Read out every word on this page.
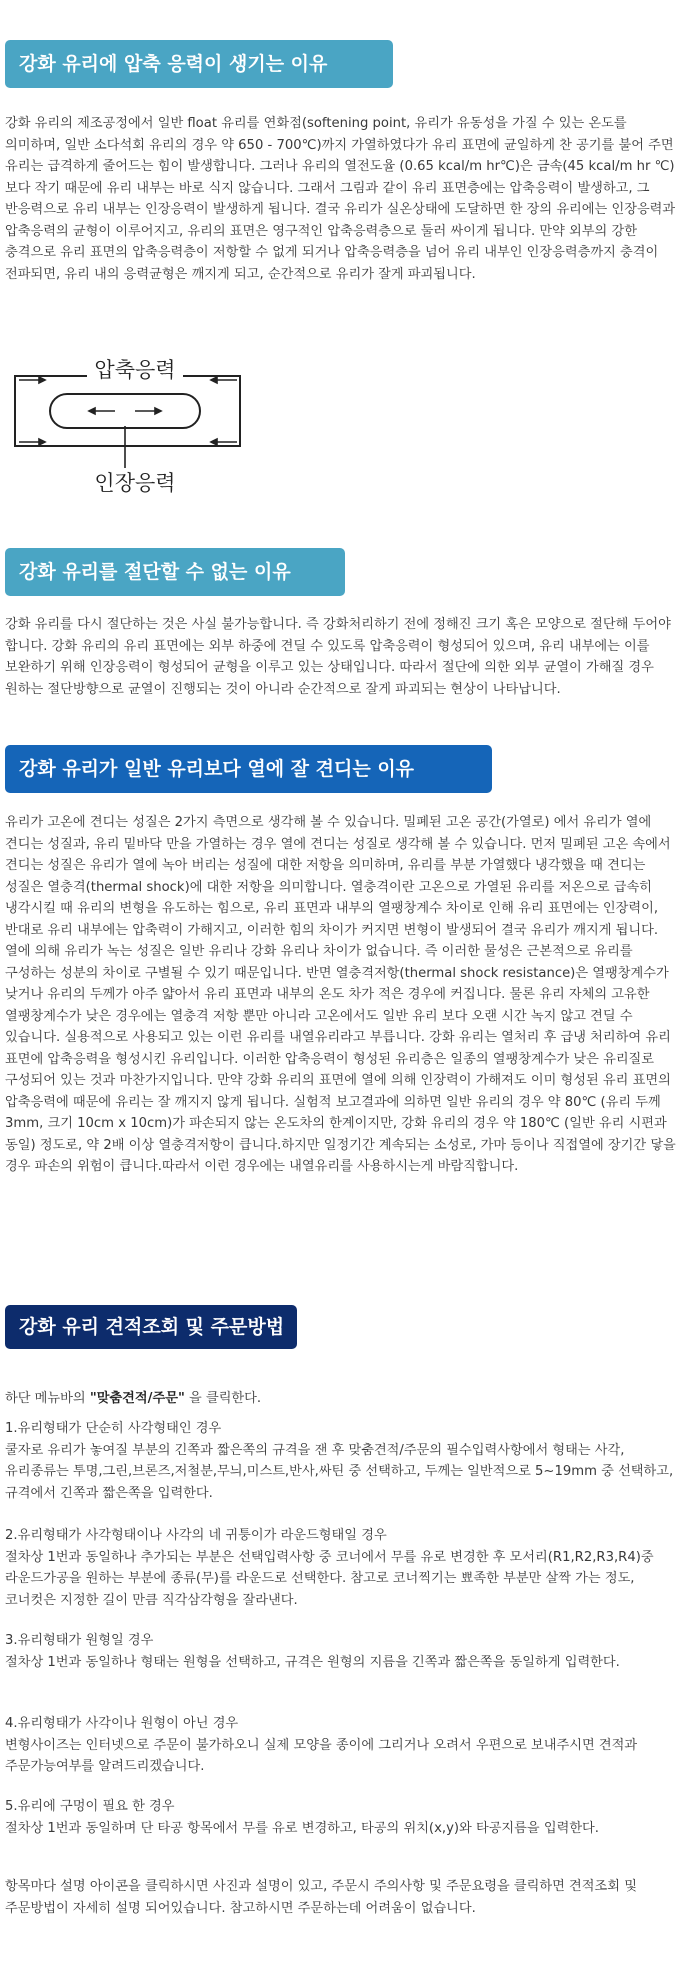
강화 유리에 압축 응력이 생기는 이유

강화 유리의 제조공정에서 일반 float 유리를 연화점(softening point, 유리가 유동성을 가질 수 있는 온도를 의미하며, 일반 소다석회 유리의 경우 약 650 - 700℃)까지 가열하였다가 유리 표면에 균일하게 찬 공기를 불어 주면 유리는 급격하게 줄어드는 힘이 발생합니다. 그러나 유리의 열전도율 (0.65 kcal/m hr℃)은 금속(45 kcal/m hr ℃) 보다 작기 때문에 유리 내부는 바로 식지 않습니다. 그래서 그림과 같이 유리 표면층에는 압축응력이 발생하고, 그 반응력으로 유리 내부는 인장응력이 발생하게 됩니다. 결국 유리가 실온상태에 도달하면 한 장의 유리에는 인장응력과 압축응력의 균형이 이루어지고, 유리의 표면은 영구적인 압축응력층으로 둘러 싸이게 됩니다. 만약 외부의 강한 충격으로 유리 표면의 압축응력층이 저항할 수 없게 되거나 압축응력층을 넘어 유리 내부인 인장응력층까지 충격이 전파되면, 유리 내의 응력균형은 깨지게 되고, 순간적으로 유리가 잘게 파괴됩니다.

압축응력
인장응력
강화 유리를 절단할 수 없는 이유

강화 유리를 다시 절단하는 것은 사실 불가능합니다. 즉 강화처리하기 전에 정해진 크기 혹은 모양으로 절단해 두어야 합니다. 강화 유리의 유리 표면에는 외부 하중에 견딜 수 있도록 압축응력이 형성되어 있으며, 유리 내부에는 이를 보완하기 위해 인장응력이 형성되어 균형을 이루고 있는 상태입니다. 따라서 절단에 의한 외부 균열이 가해질 경우 원하는 절단방향으로 균열이 진행되는 것이 아니라 순간적으로 잘게 파괴되는 현상이 나타납니다.

강화 유리가 일반 유리보다 열에 잘 견디는 이유

유리가 고온에 견디는 성질은 2가지 측면으로 생각해 볼 수 있습니다. 밀폐된 고온 공간(가열로) 에서 유리가 열에 견디는 성질과, 유리 밑바닥 만을 가열하는 경우 열에 견디는 성질로 생각해 볼 수 있습니다. 먼저 밀폐된 고온 속에서 견디는 성질은 유리가 열에 녹아 버리는 성질에 대한 저항을 의미하며, 유리를 부분 가열했다 냉각했을 때 견디는 성질은 열충격(thermal shock)에 대한 저항을 의미합니다. 열충격이란 고온으로 가열된 유리를 저온으로 급속히 냉각시킬 때 유리의 변형을 유도하는 힘으로, 유리 표면과 내부의 열팽창계수 차이로 인해 유리 표면에는 인장력이, 반대로 유리 내부에는 압축력이 가해지고, 이러한 힘의 차이가 커지면 변형이 발생되어 결국 유리가 깨지게 됩니다. 열에 의해 유리가 녹는 성질은 일반 유리나 강화 유리나 차이가 없습니다. 즉 이러한 물성은 근본적으로 유리를 구성하는 성분의 차이로 구별될 수 있기 때문입니다. 반면 열충격저항(thermal shock resistance)은 열팽창계수가 낮거나 유리의 두께가 아주 얇아서 유리 표면과 내부의 온도 차가 적은 경우에 커집니다. 물론 유리 자체의 고유한 열팽창계수가 낮은 경우에는 열충격 저항 뿐만 아니라 고온에서도 일반 유리 보다 오랜 시간 녹지 않고 견딜 수 있습니다. 실용적으로 사용되고 있는 이런 유리를 내열유리라고 부릅니다. 강화 유리는 열처리 후 급냉 처리하여 유리 표면에 압축응력을 형성시킨 유리입니다. 이러한 압축응력이 형성된 유리층은 일종의 열팽창계수가 낮은 유리질로 구성되어 있는 것과 마찬가지입니다. 만약 강화 유리의 표면에 열에 의해 인장력이 가해져도 이미 형성된 유리 표면의 압축응력에 때문에 유리는 잘 깨지지 않게 됩니다. 실험적 보고결과에 의하면 일반 유리의 경우 약 80℃ (유리 두께 3mm, 크기 10cm x 10cm)가 파손되지 않는 온도차의 한계이지만, 강화 유리의 경우 약 180℃ (일반 유리 시편과 동일) 정도로, 약 2배 이상 열충격저항이 큽니다.하지만 일정기간 계속되는 소성로, 가마 등이나 직접열에 장기간 닿을 경우 파손의 위험이 큽니다.따라서 이런 경우에는 내열유리를 사용하시는게 바람직합니다.

강화 유리 견적조회 및 주문방법

하단 메뉴바의 "맞춤견적/주문" 을 클릭한다.

1.유리형태가 단순히 사각형태인 경우
쿨자로 유리가 놓여질 부분의 긴쪽과 짧은쪽의 규격을 잰 후 맞춤견적/주문의 필수입력사항에서 형태는 사각, 유리종류는 투명,그린,브론즈,저철분,무늬,미스트,반사,싸틴 중 선택하고, 두께는 일반적으로 5~19mm 중 선택하고, 규격에서 긴쪽과 짧은쪽을 입력한다.

2.유리형태가 사각형태이나 사각의 네 귀퉁이가 라운드형태일 경우
절차상 1번과 동일하나 추가되는 부분은 선택입력사항 중 코너에서 무를 유로 변경한 후 모서리(R1,R2,R3,R4)중 라운드가공을 원하는 부분에 종류(무)를 라운드로 선택한다. 참고로 코너찍기는 뾰족한 부분만 살짝 가는 정도,코너컷은 지정한 길이 만큼 직각삼각형을 잘라낸다.

3.유리형태가 원형일 경우
절차상 1번과 동일하나 형태는 원형을 선택하고, 규격은 원형의 지름을 긴쪽과 짧은쪽을 동일하게 입력한다.

4.유리형태가 사각이나 원형이 아닌 경우
변형사이즈는 인터넷으로 주문이 불가하오니 실제 모양을 종이에 그리거나 오려서 우편으로 보내주시면 견적과 주문가능여부를 알려드리겠습니다.

5.유리에 구멍이 필요 한 경우
절차상 1번과 동일하며 단 타공 항목에서 무를 유로 변경하고, 타공의 위치(x,y)와 타공지름을 입력한다.

항목마다 설명 아이콘을 클릭하시면 사진과 설명이 있고, 주문시 주의사항 및 주문요령을 클릭하면 견적조회 및 주문방법이 자세히 설명 되어있습니다. 참고하시면 주문하는데 어려움이 없습니다.
